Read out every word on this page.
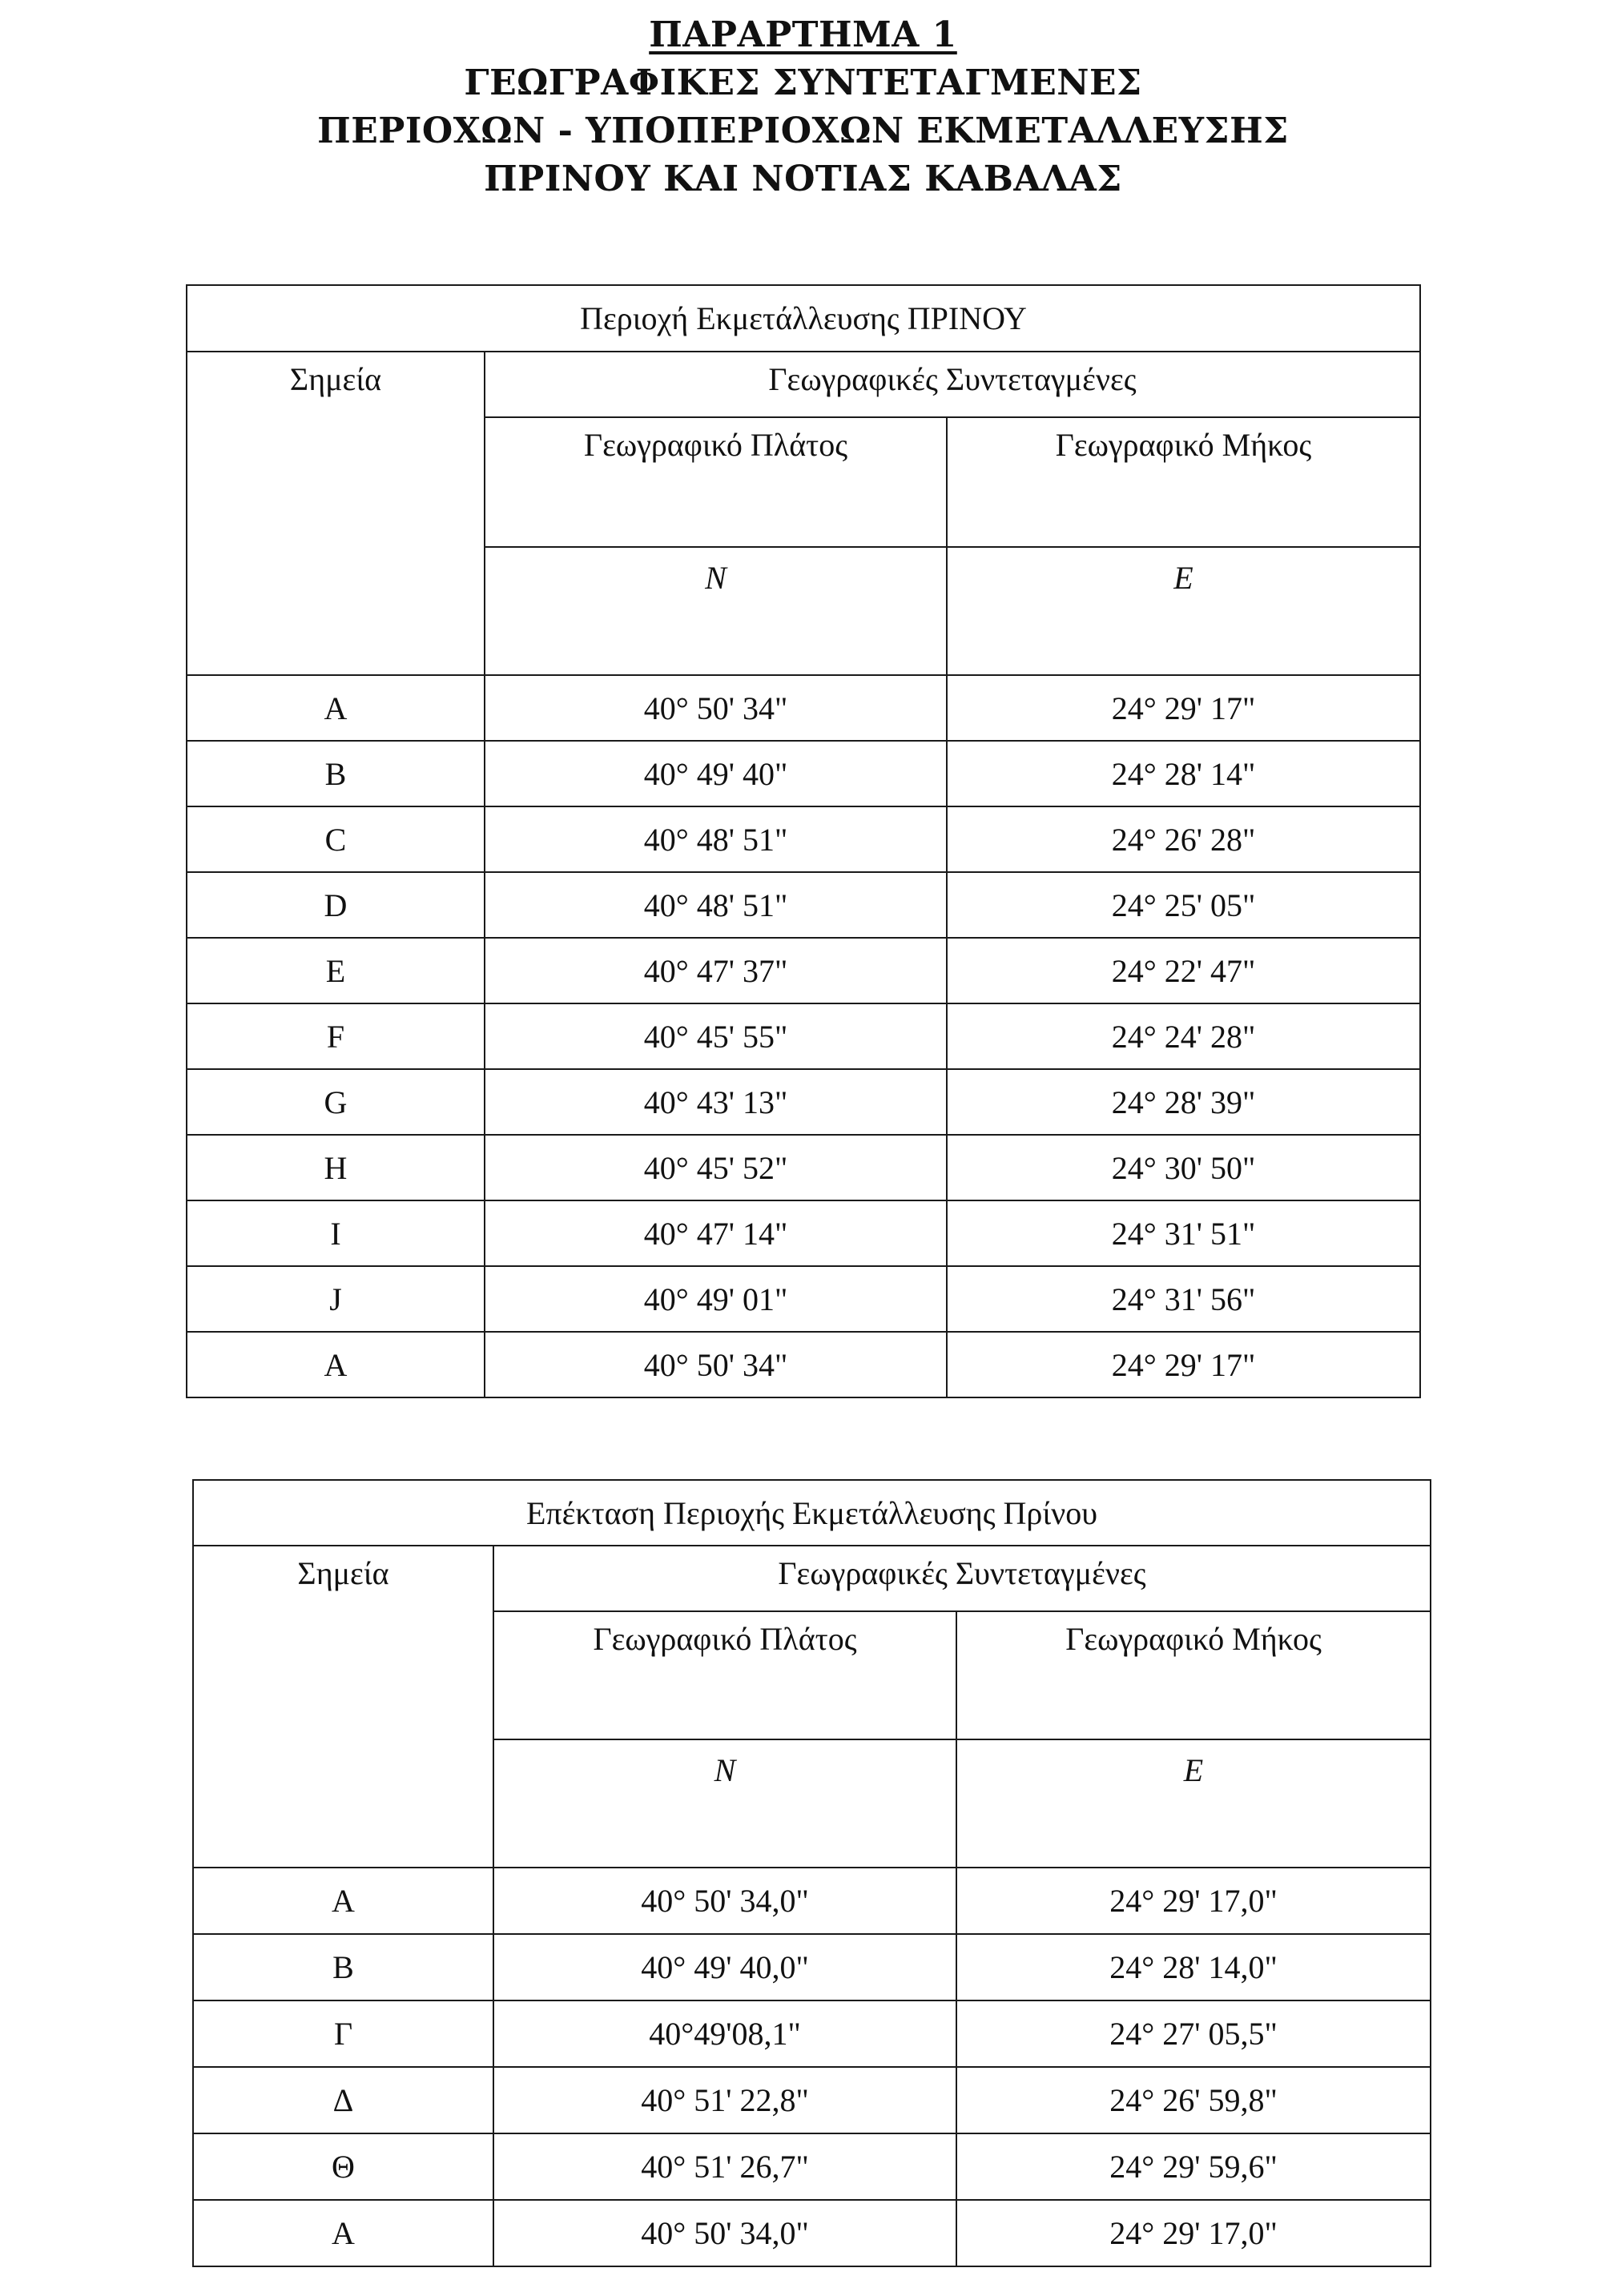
ΠΑΡΑΡΤΗΜΑ 1
ΓΕΩΓΡΑΦΙΚΕΣ ΣΥΝΤΕΤΑΓΜΕΝΕΣ
ΠΕΡΙΟΧΩΝ - ΥΠΟΠΕΡΙΟΧΩΝ ΕΚΜΕΤΑΛΛΕΥΣΗΣ
ΠΡΙΝΟΥ ΚΑΙ ΝΟΤΙΑΣ ΚΑΒΑΛΑΣ
Περιοχή Εκμετάλλευσης ΠΡΙΝΟΥ		
Σημεία	Γεωγραφικές Συντεταγμένες	
	Γεωγραφικό Πλάτος	Γεωγραφικό Μήκος
	N	E
A	40° 50' 34"	24° 29' 17"
B	40° 49' 40"	24° 28' 14"
C	40° 48' 51"	24° 26' 28"
D	40° 48' 51"	24° 25' 05"
E	40° 47' 37"	24° 22' 47"
F	40° 45' 55"	24° 24' 28"
G	40° 43' 13"	24° 28' 39"
H	40° 45' 52"	24° 30' 50"
I	40° 47' 14"	24° 31' 51"
J	40° 49' 01"	24° 31' 56"
A	40° 50' 34"	24° 29' 17"
Επέκταση Περιοχής Εκμετάλλευσης Πρίνου		
Σημεία	Γεωγραφικές Συντεταγμένες	
	Γεωγραφικό Πλάτος	Γεωγραφικό Μήκος
	N	E
A	40° 50' 34,0"	24° 29' 17,0"
B	40° 49' 40,0"	24° 28' 14,0"
Γ	40°49'08,1"	24° 27' 05,5"
Δ	40° 51' 22,8"	24° 26' 59,8"
Θ	40° 51' 26,7"	24° 29' 59,6"
A	40° 50' 34,0"	24° 29' 17,0"
